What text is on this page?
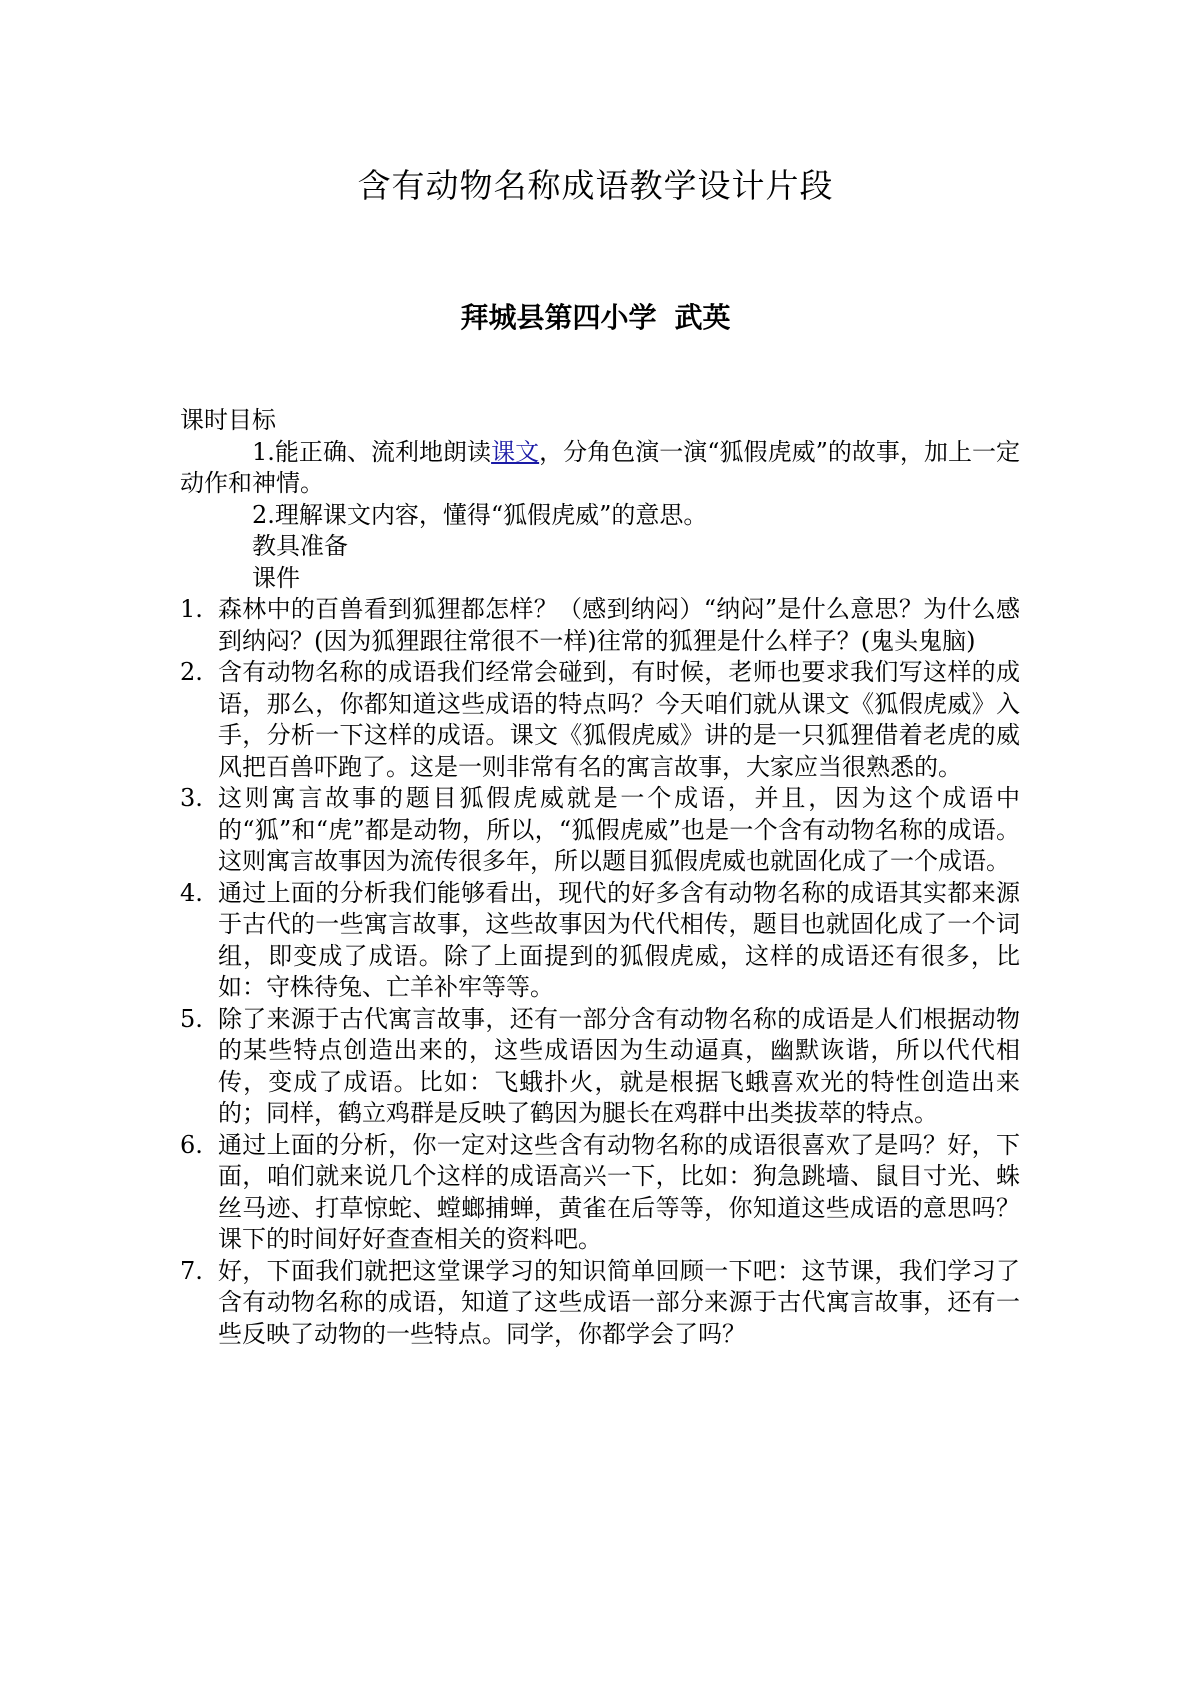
含有动物名称成语教学设计片段
拜城县第四小学 武英
课时目标
1.能正确、流利地朗读课文，分角色演一演“狐假虎威”的故事，加上一定动作和神情。
2.理解课文内容，懂得“狐假虎威”的意思。
教具准备
课件
1. 森林中的百兽看到狐狸都怎样？（感到纳闷）“纳闷”是什么意思？为什么感到纳闷？(因为狐狸跟往常很不一样)往常的狐狸是什么样子？(鬼头鬼脑)
2. 含有动物名称的成语我们经常会碰到，有时候，老师也要求我们写这样的成语，那么，你都知道这些成语的特点吗？今天咱们就从课文《狐假虎威》入手，分析一下这样的成语。课文《狐假虎威》讲的是一只狐狸借着老虎的威风把百兽吓跑了。这是一则非常有名的寓言故事，大家应当很熟悉的。
3. 这则寓言故事的题目狐假虎威就是一个成语，并且，因为这个成语中的“狐”和“虎”都是动物，所以，“狐假虎威”也是一个含有动物名称的成语。这则寓言故事因为流传很多年，所以题目狐假虎威也就固化成了一个成语。
4. 通过上面的分析我们能够看出，现代的好多含有动物名称的成语其实都来源于古代的一些寓言故事，这些故事因为代代相传，题目也就固化成了一个词组，即变成了成语。除了上面提到的狐假虎威，这样的成语还有很多，比如：守株待兔、亡羊补牢等等。
5. 除了来源于古代寓言故事，还有一部分含有动物名称的成语是人们根据动物的某些特点创造出来的，这些成语因为生动逼真，幽默诙谐，所以代代相传，变成了成语。比如：飞蛾扑火，就是根据飞蛾喜欢光的特性创造出来的；同样，鹤立鸡群是反映了鹤因为腿长在鸡群中出类拔萃的特点。
6. 通过上面的分析，你一定对这些含有动物名称的成语很喜欢了是吗？好，下面，咱们就来说几个这样的成语高兴一下，比如：狗急跳墙、鼠目寸光、蛛丝马迹、打草惊蛇、螳螂捕蝉，黄雀在后等等，你知道这些成语的意思吗？课下的时间好好查查相关的资料吧。
7. 好，下面我们就把这堂课学习的知识简单回顾一下吧：这节课，我们学习了含有动物名称的成语，知道了这些成语一部分来源于古代寓言故事，还有一些反映了动物的一些特点。同学，你都学会了吗？
